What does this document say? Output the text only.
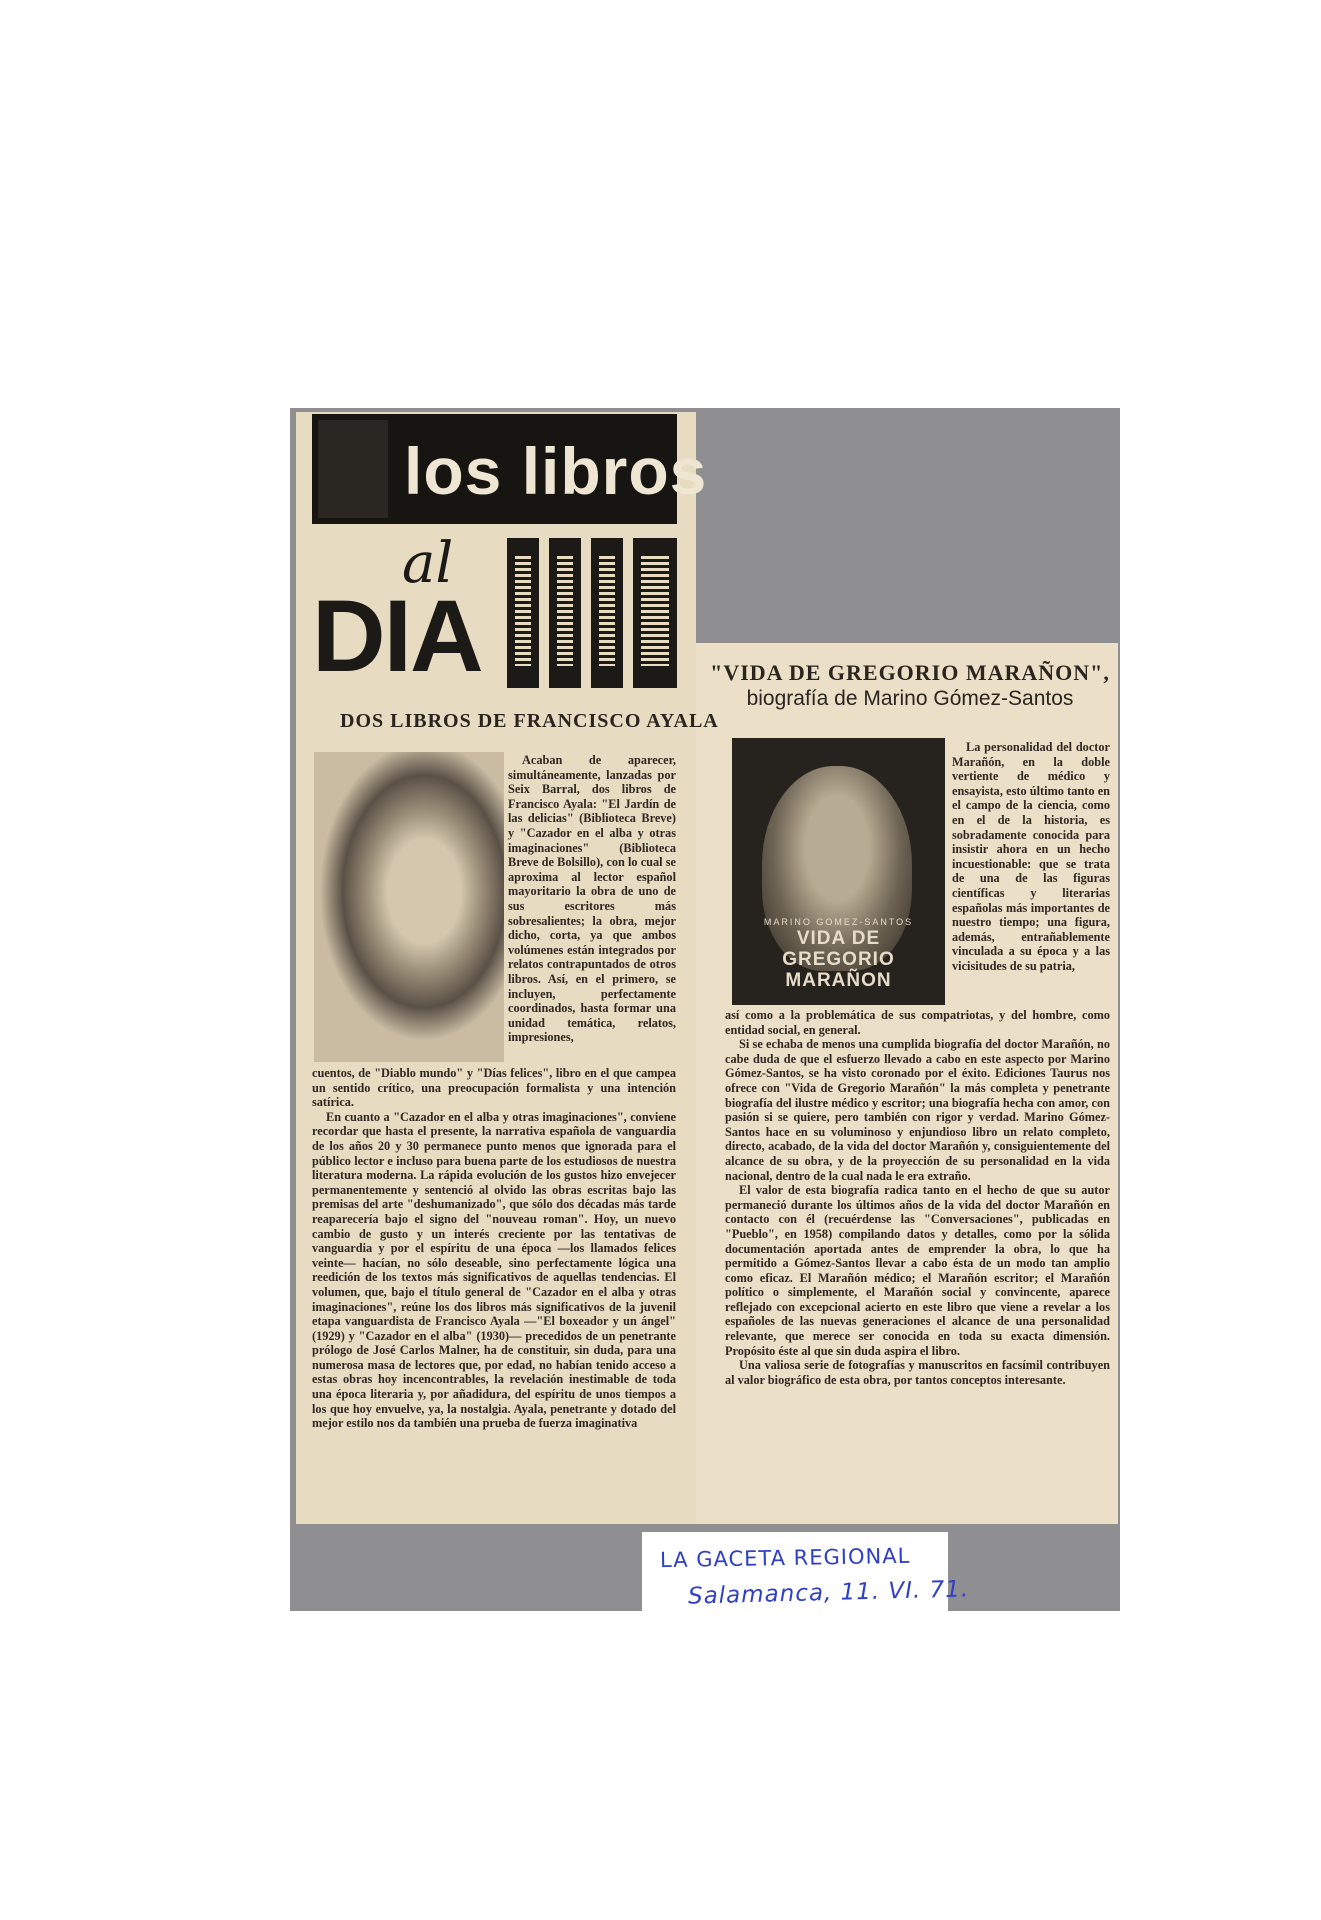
los libros
al
DIA
DOS LIBROS DE FRANCISCO AYALA

Acaban de aparecer, simultáneamente, lanzadas por Seix Barral, dos libros de Francisco Ayala: "El Jardín de las delicias" (Biblioteca Breve) y "Cazador en el alba y otras imaginaciones" (Biblioteca Breve de Bolsillo), con lo cual se aproxima al lector español mayoritario la obra de uno de sus escritores más sobresalientes; la obra, mejor dicho, corta, ya que ambos volúmenes están integrados por relatos contrapuntados de otros libros. Así, en el primero, se incluyen, perfectamente coordinados, hasta formar una unidad temática, relatos, impresiones,

cuentos, de "Diablo mundo" y "Días felices", libro en el que campea un sentido crítico, una preocupación formalista y una intención satírica.

En cuanto a "Cazador en el alba y otras imaginaciones", conviene recordar que hasta el presente, la narrativa española de vanguardia de los años 20 y 30 permanece punto menos que ignorada para el público lector e incluso para buena parte de los estudiosos de nuestra literatura moderna. La rápida evolución de los gustos hizo envejecer permanentemente y sentenció al olvido las obras escritas bajo las premisas del arte "deshumanizado", que sólo dos décadas más tarde reaparecería bajo el signo del "nouveau roman". Hoy, un nuevo cambio de gusto y un interés creciente por las tentativas de vanguardia y por el espíritu de una época —los llamados felices veinte— hacían, no sólo deseable, sino perfectamente lógica una reedición de los textos más significativos de aquellas tendencias. El volumen, que, bajo el título general de "Cazador en el alba y otras imaginaciones", reúne los dos libros más significativos de la juvenil etapa vanguardista de Francisco Ayala —"El boxeador y un ángel" (1929) y "Cazador en el alba" (1930)— precedidos de un penetrante prólogo de José Carlos Malner, ha de constituir, sin duda, para una numerosa masa de lectores que, por edad, no habían tenido acceso a estas obras hoy incencontrables, la revelación inestimable de toda una época literaria y, por añadidura, del espíritu de unos tiempos a los que hoy envuelve, ya, la nostalgia. Ayala, penetrante y dotado del mejor estilo nos da también una prueba de fuerza imaginativa

"VIDA DE GREGORIO MARAÑON",
biografía de Marino Gómez-Santos
MARINO GOMEZ-SANTOS
VIDA DE GREGORIO MARAÑON

La personalidad del doctor Marañón, en la doble vertiente de médico y ensayista, esto último tanto en el campo de la ciencia, como en el de la historia, es sobradamente conocida para insistir ahora en un hecho incuestionable: que se trata de una de las figuras científicas y literarias españolas más importantes de nuestro tiempo; una figura, además, entrañablemente vinculada a su época y a las vicisitudes de su patria,

así como a la problemática de sus compatriotas, y del hombre, como entidad social, en general.

Si se echaba de menos una cumplida biografía del doctor Marañón, no cabe duda de que el esfuerzo llevado a cabo en este aspecto por Marino Gómez-Santos, se ha visto coronado por el éxito. Ediciones Taurus nos ofrece con "Vida de Gregorio Marañón" la más completa y penetrante biografía del ilustre médico y escritor; una biografía hecha con amor, con pasión si se quiere, pero también con rigor y verdad. Marino Gómez-Santos hace en su voluminoso y enjundioso libro un relato completo, directo, acabado, de la vida del doctor Marañón y, consiguientemente del alcance de su obra, y de la proyección de su personalidad en la vida nacional, dentro de la cual nada le era extraño.

El valor de esta biografía radica tanto en el hecho de que su autor permaneció durante los últimos años de la vida del doctor Marañón en contacto con él (recuérdense las "Conversaciones", publicadas en "Pueblo", en 1958) compilando datos y detalles, como por la sólida documentación aportada antes de emprender la obra, lo que ha permitido a Gómez-Santos llevar a cabo ésta de un modo tan amplio como eficaz. El Marañón médico; el Marañón escritor; el Marañón político o simplemente, el Marañón social y convincente, aparece reflejado con excepcional acierto en este libro que viene a revelar a los españoles de las nuevas generaciones el alcance de una personalidad relevante, que merece ser conocida en toda su exacta dimensión. Propósito éste al que sin duda aspira el libro.

Una valiosa serie de fotografías y manuscritos en facsímil contribuyen al valor biográfico de esta obra, por tantos conceptos interesante.

LA GACETA REGIONAL
Salamanca, 11. VI. 71.
